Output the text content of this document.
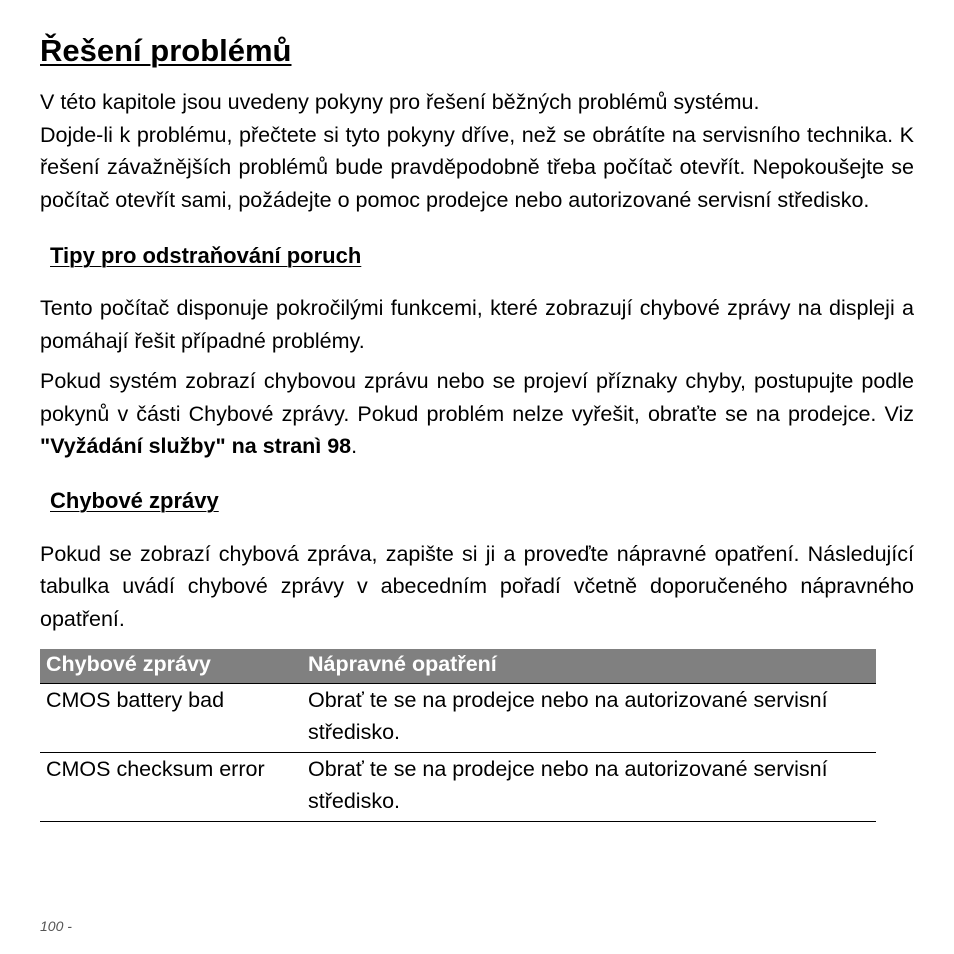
Řešení problémů

V této kapitole jsou uvedeny pokyny pro řešení běžných problémů systému.

Dojde-li k problému, přečtete si tyto pokyny dříve, než se obrátíte na servisního technika. K řešení závažnějších problémů bude pravděpodobně třeba počítač otevřít. Nepokoušejte se počítač otevřít sami, požádejte o pomoc prodejce nebo autorizované servisní středisko.

Tipy pro odstraňování poruch

Tento počítač disponuje pokročilými funkcemi, které zobrazují chybové zprávy na displeji a pomáhají řešit případné problémy.

Pokud systém zobrazí chybovou zprávu nebo se projeví příznaky chyby, postupujte podle pokynů v části Chybové zprávy. Pokud problém nelze vyřešit, obraťte se na prodejce. Viz "Vyžádání služby" na stranì 98.

Chybové zprávy

Pokud se zobrazí chybová zpráva, zapište si ji a proveďte nápravné opatření. Následující tabulka uvádí chybové zprávy v abecedním pořadí včetně doporučeného nápravného opatření.

Chybové zprávy	Nápravné opatření
CMOS battery bad	Obrať te se na prodejce nebo na autorizované servisní středisko.
CMOS checksum error	Obrať te se na prodejce nebo na autorizované servisní středisko.
100 -
